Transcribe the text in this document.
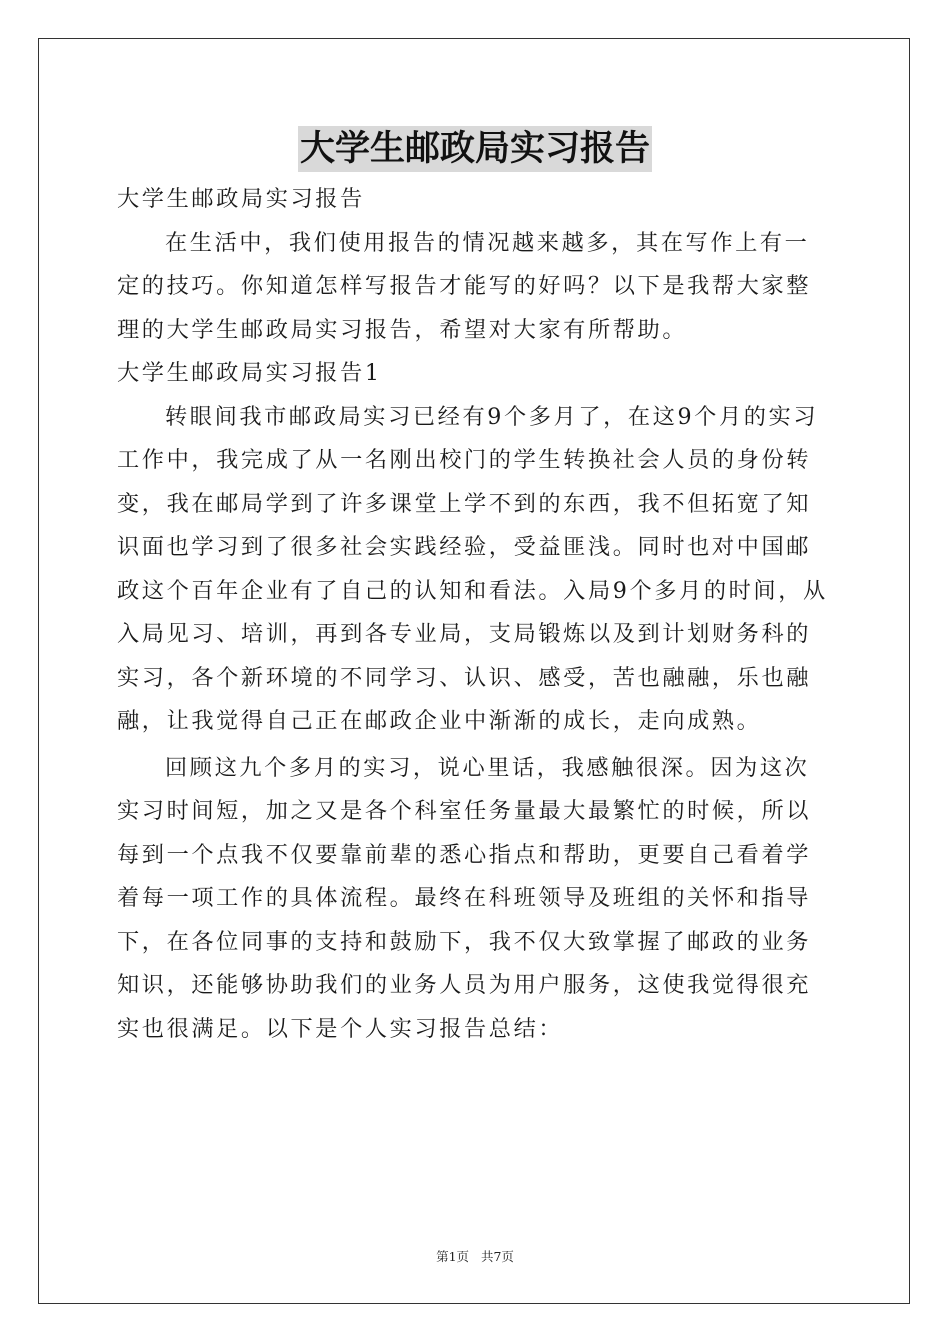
大学生邮政局实习报告

大学生邮政局实习报告

在生活中，我们使用报告的情况越来越多，其在写作上有一定的技巧。你知道怎样写报告才能写的好吗？以下是我帮大家整理的大学生邮政局实习报告，希望对大家有所帮助。

大学生邮政局实习报告1

转眼间我市邮政局实习已经有9个多月了，在这9个月的实习工作中，我完成了从一名刚出校门的学生转换社会人员的身份转变，我在邮局学到了许多课堂上学不到的东西，我不但拓宽了知识面也学习到了很多社会实践经验，受益匪浅。同时也对中国邮政这个百年企业有了自己的认知和看法。入局9个多月的时间，从入局见习、培训，再到各专业局，支局锻炼以及到计划财务科的实习，各个新环境的不同学习、认识、感受，苦也融融，乐也融融，让我觉得自己正在邮政企业中渐渐的成长，走向成熟。

回顾这九个多月的实习，说心里话，我感触很深。因为这次实习时间短，加之又是各个科室任务量最大最繁忙的时候，所以每到一个点我不仅要靠前辈的悉心指点和帮助，更要自己看着学着每一项工作的具体流程。最终在科班领导及班组的关怀和指导下，在各位同事的支持和鼓励下，我不仅大致掌握了邮政的业务知识，还能够协助我们的业务人员为用户服务，这使我觉得很充实也很满足。以下是个人实习报告总结：

第1页 共7页
